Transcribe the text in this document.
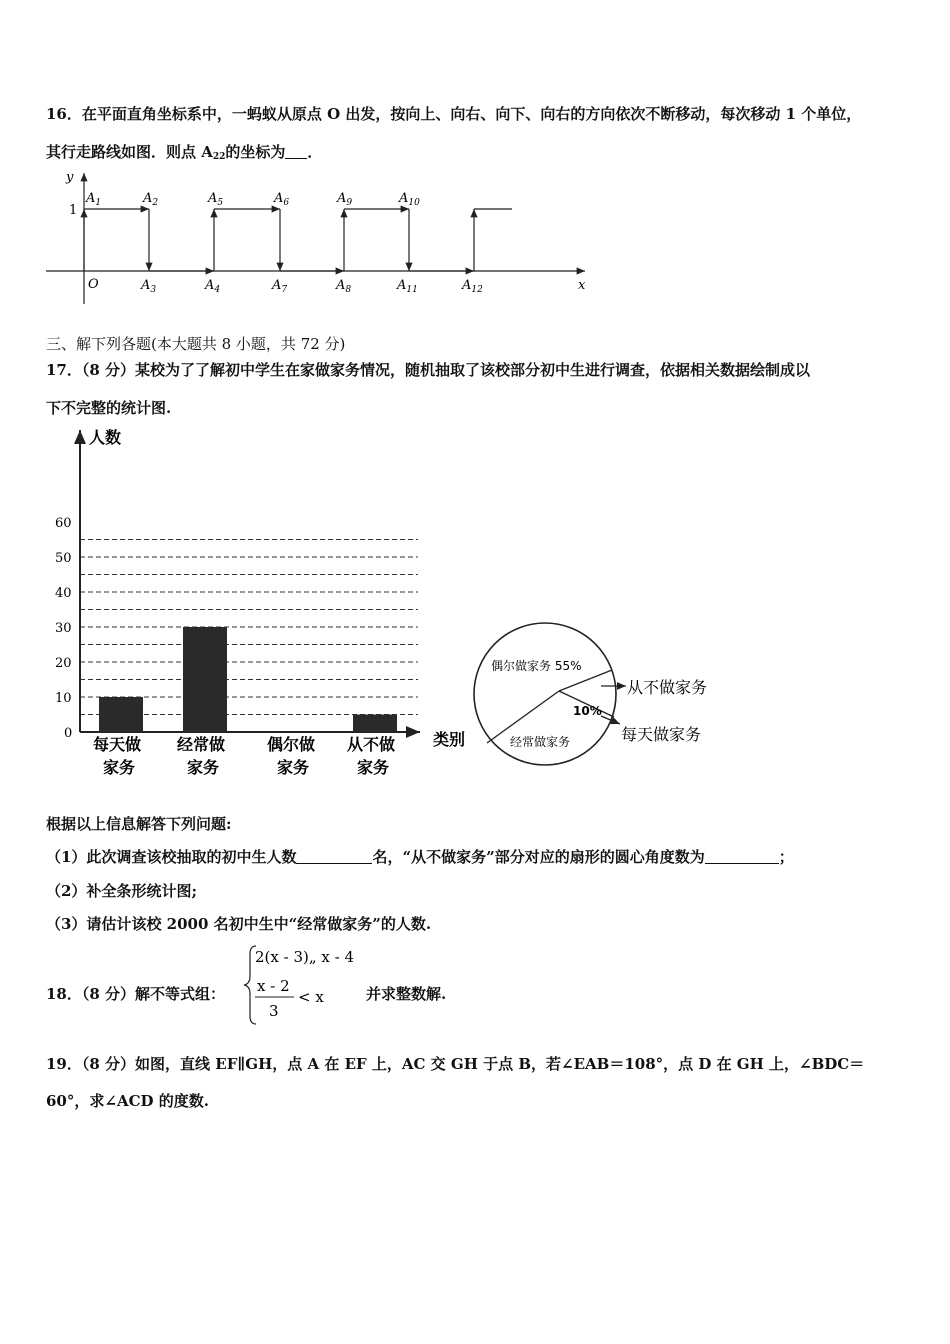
16．在平面直角坐标系中，一蚂蚁从原点 O 出发，按向上、向右、向下、向右的方向依次不断移动，每次移动 1 个单位，
其行走路线如图．则点 $A_{22}$的坐标为 ．
y
x
O
1
$A_1$	$A_2$	$A_5$	$A_6$	$A_9$	$A_{10}$
$A_3$	$A_4$	$A_7$	$A_8$	$A_{11}$	$A_{12}$
三、解下列各题(本大题共 8 小题，共 72 分)
17．（8 分）某校为了了解初中学生在家做家务情况，随机抽取了该校部分初中生进行调查，依据相关数据绘制成以
下不完整的统计图.
人数
类别
60
50
40
30
20
10
0
每天做
家务
经常做
家务
偶尔做
家务
从不做
家务
偶尔做家务 55%
经常做家务
10%
从不做家务
每天做家务
根据以上信息解答下列问题:
（1）此次调查该校抽取的初中生人数	名，“从不做家务”部分对应的扇形的圆心角度数为	；
（2）补全条形统计图;
（3）请估计该校 2000 名初中生中“经常做家务”的人数.
18．（8 分）解不等式组：
2(x - 3)„ x - 4
x - 2
3
< x	并求整数解.
19．（8 分）如图，直线 EF∥GH，点 A 在 EF 上，AC 交 GH 于点 B，若∠EAB＝108°，点 D 在 GH 上，∠BDC＝
60°，求∠ACD 的度数.
